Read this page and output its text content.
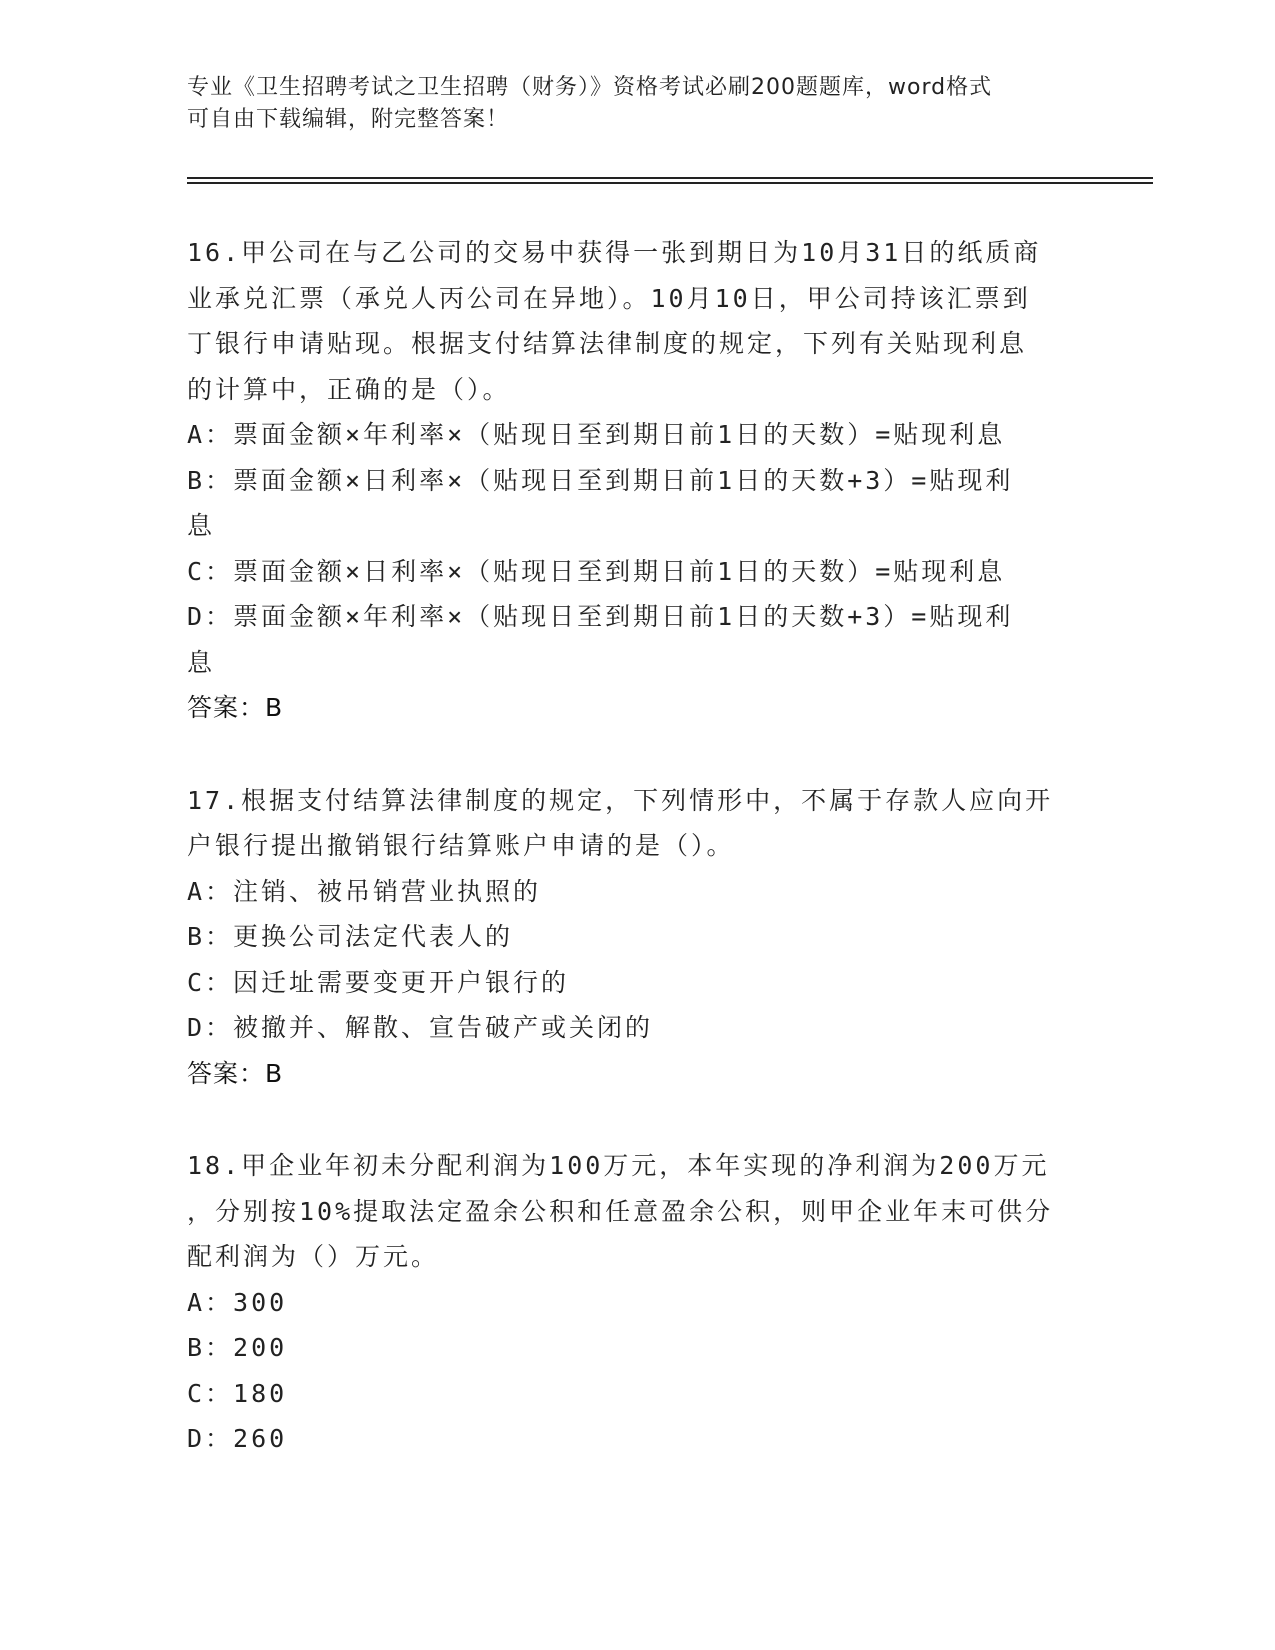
专业《卫生招聘考试之卫生招聘（财务）》资格考试必刷200题题库，word格式
可自由下载编辑，附完整答案！
16.甲公司在与乙公司的交易中获得一张到期日为10月31日的纸质商
业承兑汇票（承兑人丙公司在异地）。10月10日，甲公司持该汇票到
丁银行申请贴现。根据支付结算法律制度的规定，下列有关贴现利息
的计算中，正确的是（）。
A：票面金额×年利率×（贴现日至到期日前1日的天数）=贴现利息
B：票面金额×日利率×（贴现日至到期日前1日的天数+3）=贴现利
息
C：票面金额×日利率×（贴现日至到期日前1日的天数）=贴现利息
D：票面金额×年利率×（贴现日至到期日前1日的天数+3）=贴现利
息
答案：B
17.根据支付结算法律制度的规定，下列情形中，不属于存款人应向开
户银行提出撤销银行结算账户申请的是（）。
A：注销、被吊销营业执照的
B：更换公司法定代表人的
C：因迁址需要变更开户银行的
D：被撤并、解散、宣告破产或关闭的
答案：B
18.甲企业年初未分配利润为100万元，本年实现的净利润为200万元
，分别按10%提取法定盈余公积和任意盈余公积，则甲企业年末可供分
配利润为（）万元。
A：300
B：200
C：180
D：260
